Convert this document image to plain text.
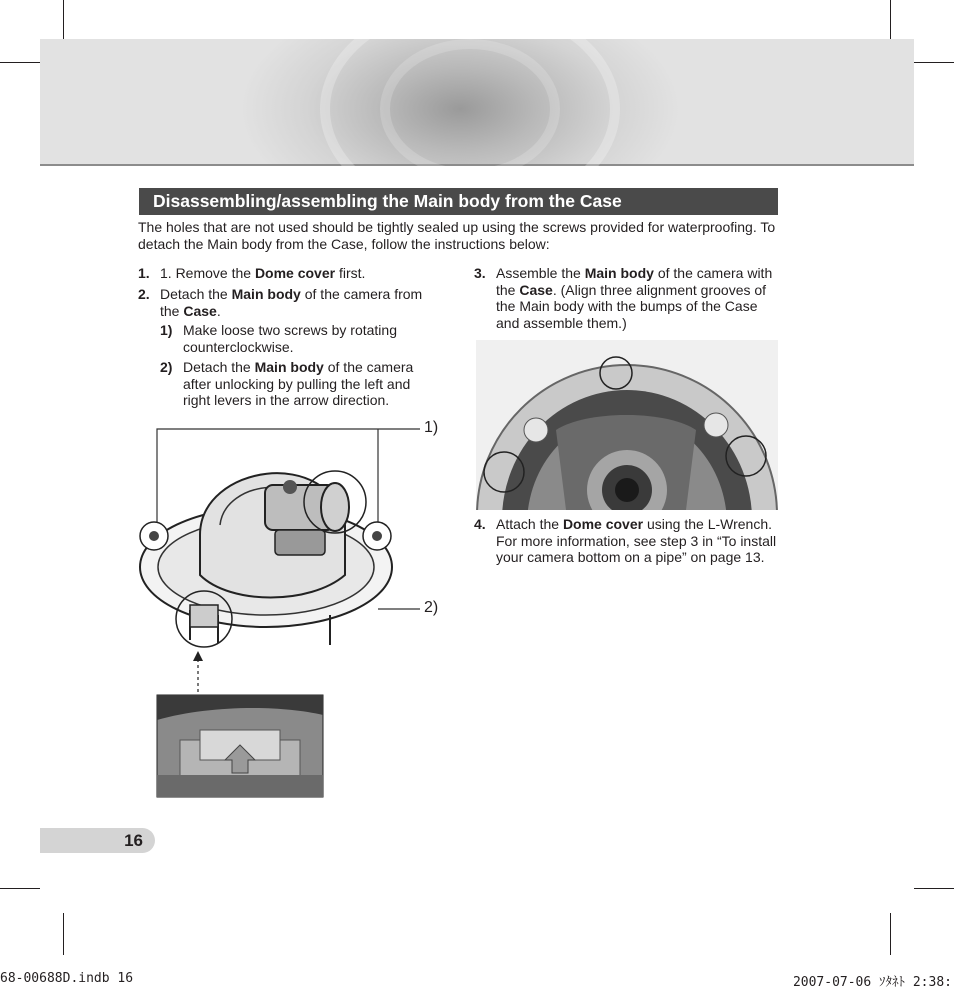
Disassembling/assembling the Main body from the Case
The holes that are not used should be tightly sealed up using the screws provided for waterproofing. To detach the Main body from the Case, follow the instructions below:
1. 1. Remove the Dome cover first.
2. Detach the Main body of the camera from the Case.
1) Make loose two screws by rotating counterclockwise.
2) Detach the Main body of the camera after unlocking by pulling the left and right levers in the arrow direction.
1)
2)
3. Assemble the Main body of the camera with the Case. (Align three alignment grooves of the Main body with the bumps of the Case and assemble them.)
4. Attach the Dome cover using the L-Wrench. For more information, see step 3 in “To install your camera bottom on a pipe” on page 13.
16
68-00688D.indb 16	2007-07-06 ｿﾀﾈﾄ 2:38:
